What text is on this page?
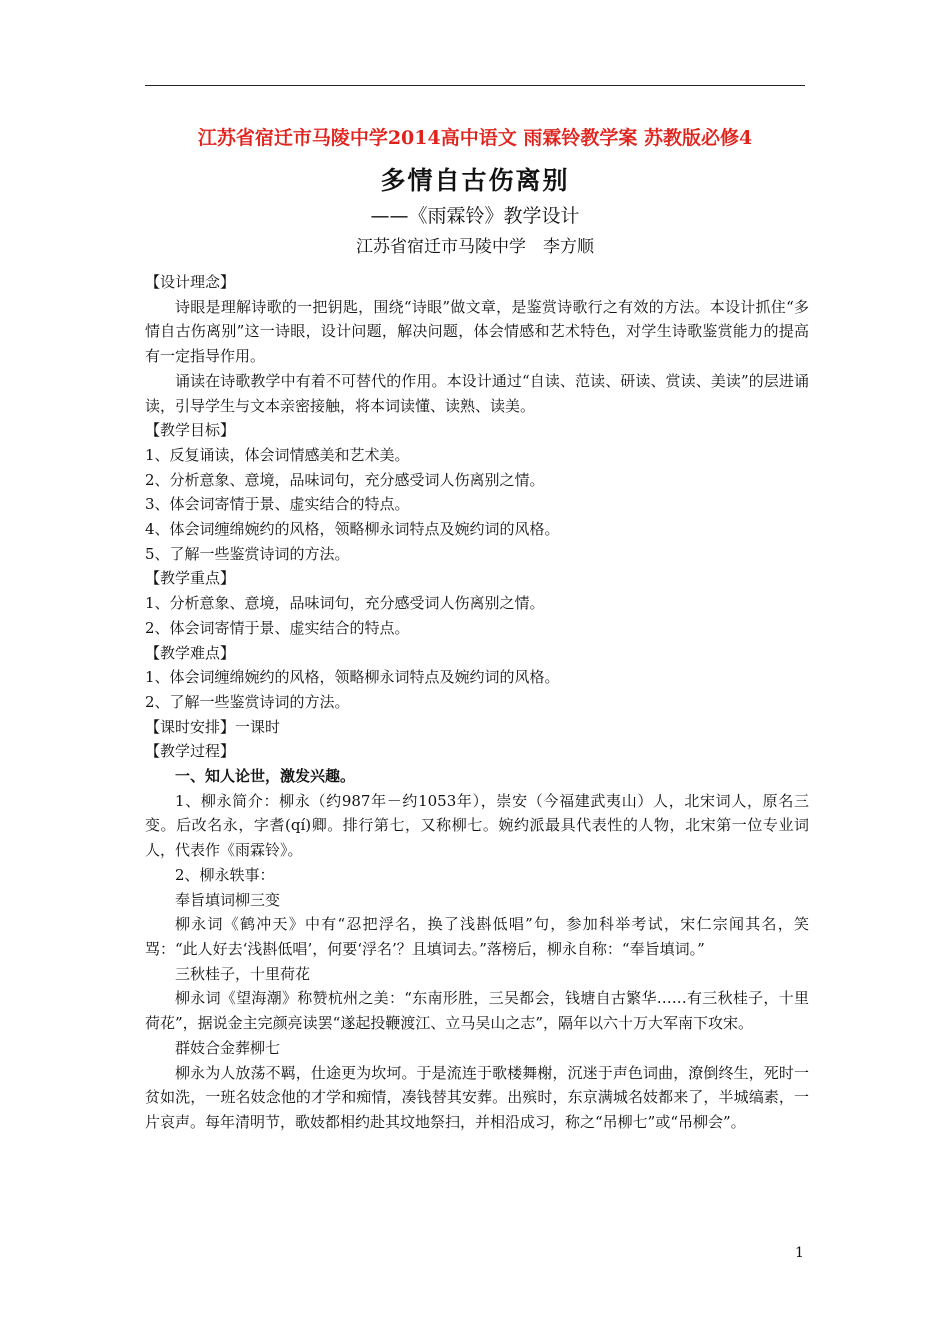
江苏省宿迁市马陵中学2014高中语文 雨霖铃教学案 苏教版必修4
多情自古伤离别
——《雨霖铃》教学设计
江苏省宿迁市马陵中学　李方顺

【设计理念】

诗眼是理解诗歌的一把钥匙，围绕“诗眼”做文章，是鉴赏诗歌行之有效的方法。本设计抓住“多情自古伤离别”这一诗眼，设计问题，解决问题，体会情感和艺术特色，对学生诗歌鉴赏能力的提高有一定指导作用。

诵读在诗歌教学中有着不可替代的作用。本设计通过“自读、范读、研读、赏读、美读”的层进诵读，引导学生与文本亲密接触，将本词读懂、读熟、读美。

【教学目标】

1、反复诵读，体会词情感美和艺术美。

2、分析意象、意境，品味词句，充分感受词人伤离别之情。

3、体会词寄情于景、虚实结合的特点。

4、体会词缠绵婉约的风格，领略柳永词特点及婉约词的风格。

5、了解一些鉴赏诗词的方法。

【教学重点】

1、分析意象、意境，品味词句，充分感受词人伤离别之情。

2、体会词寄情于景、虚实结合的特点。

【教学难点】

1、体会词缠绵婉约的风格，领略柳永词特点及婉约词的风格。

2、了解一些鉴赏诗词的方法。

【课时安排】一课时

【教学过程】

一、知人论世，激发兴趣。

1、柳永简介：柳永（约987年－约1053年），崇安（今福建武夷山）人，北宋词人，原名三变。后改名永，字耆(qí)卿。排行第七，又称柳七。婉约派最具代表性的人物，北宋第一位专业词人，代表作《雨霖铃》。

2、柳永轶事：

奉旨填词柳三变

柳永词《鹤冲天》中有“忍把浮名，换了浅斟低唱”句，参加科举考试，宋仁宗闻其名，笑骂：“此人好去‘浅斟低唱’，何要‘浮名’？且填词去。”落榜后，柳永自称：“奉旨填词。”

三秋桂子，十里荷花

柳永词《望海潮》称赞杭州之美：“东南形胜，三吴都会，钱塘自古繁华……有三秋桂子，十里荷花”，据说金主完颜亮读罢“遂起投鞭渡江、立马吴山之志”，隔年以六十万大军南下攻宋。

群妓合金葬柳七

柳永为人放荡不羁，仕途更为坎坷。于是流连于歌楼舞榭，沉迷于声色词曲，潦倒终生，死时一贫如洗，一班名妓念他的才学和痴情，凑钱替其安葬。出殡时，东京满城名妓都来了，半城缟素，一片哀声。每年清明节，歌妓都相约赴其坟地祭扫，并相沿成习，称之“吊柳七”或“吊柳会”。

1
